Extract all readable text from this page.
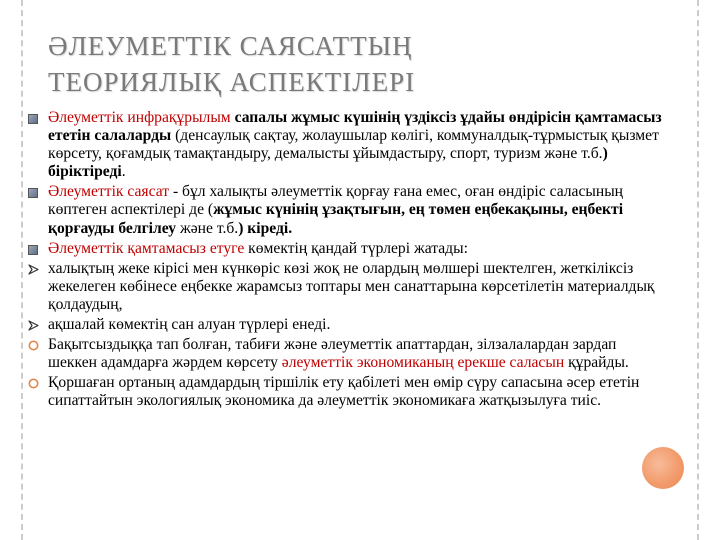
ӘЛЕУМЕТТІК САЯСАТТЫҢ
ТЕОРИЯЛЫҚ АСПЕКТІЛЕРІ
Әлеуметтік инфрақұрылым сапалы жұмыс күшінің үздіксіз ұдайы өндірісін қамтамасыз ететін салаларды (денсаулық сақтау, жолаушылар көлігі, коммуналдық-тұрмыстық қызмет көрсету, қоғамдық тамақтандыру, демалысты ұйымдастыру, спорт, туризм және т.б.) біріктіреді.
Әлеуметтік саясат - бұл халықты әлеуметтік қорғау ғана емес, оған өндіріс саласының көптеген аспектілері де (жұмыс күнінің ұзақтығын, ең төмен еңбекақыны, еңбекті қорғауды белгілеу және т.б.) кіреді.
Әлеуметтік қамтамасыз етуге көмектің қандай түрлері жатады:
халықтың жеке кірісі мен күнкөріс көзі жоқ не олардың мөлшері шектелген, жеткіліксіз жекелеген көбінесе еңбекке жарамсыз топтары мен санаттарына көрсетілетін материалдық қолдаудың,
ақшалай көмектің сан алуан түрлері енеді.
Бақытсыздыққа тап болған, табиғи және әлеуметтік апаттардан, зілзалалардан зардап шеккен адамдарға жәрдем көрсету әлеуметтік экономиканың ерекше саласын құрайды.
Қоршаған ортаның адамдардың тіршілік ету қабілеті мен өмір сүру сапасына әсер ететін сипаттайтын экологиялық экономика да әлеуметтік экономикаға жатқызылуға тиіс.
